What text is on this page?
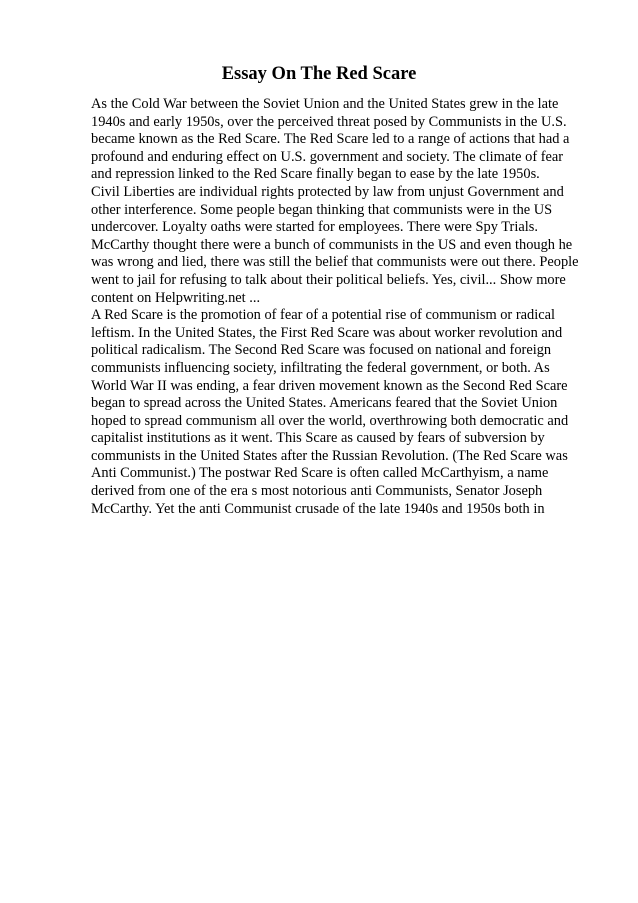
Essay On The Red Scare
As the Cold War between the Soviet Union and the United States grew in the late
1940s and early 1950s, over the perceived threat posed by Communists in the U.S.
became known as the Red Scare. The Red Scare led to a range of actions that had a
profound and enduring effect on U.S. government and society. The climate of fear
and repression linked to the Red Scare finally began to ease by the late 1950s.
Civil Liberties are individual rights protected by law from unjust Government and
other interference. Some people began thinking that communists were in the US
undercover. Loyalty oaths were started for employees. There were Spy Trials.
McCarthy thought there were a bunch of communists in the US and even though he
was wrong and lied, there was still the belief that communists were out there. People
went to jail for refusing to talk about their political beliefs. Yes, civil... Show more
content on Helpwriting.net ...
A Red Scare is the promotion of fear of a potential rise of communism or radical
leftism. In the United States, the First Red Scare was about worker revolution and
political radicalism. The Second Red Scare was focused on national and foreign
communists influencing society, infiltrating the federal government, or both. As
World War II was ending, a fear driven movement known as the Second Red Scare
began to spread across the United States. Americans feared that the Soviet Union
hoped to spread communism all over the world, overthrowing both democratic and
capitalist institutions as it went. This Scare as caused by fears of subversion by
communists in the United States after the Russian Revolution. (The Red Scare was
Anti Communist.) The postwar Red Scare is often called McCarthyism, a name
derived from one of the era s most notorious anti Communists, Senator Joseph
McCarthy. Yet the anti Communist crusade of the late 1940s and 1950s both in
